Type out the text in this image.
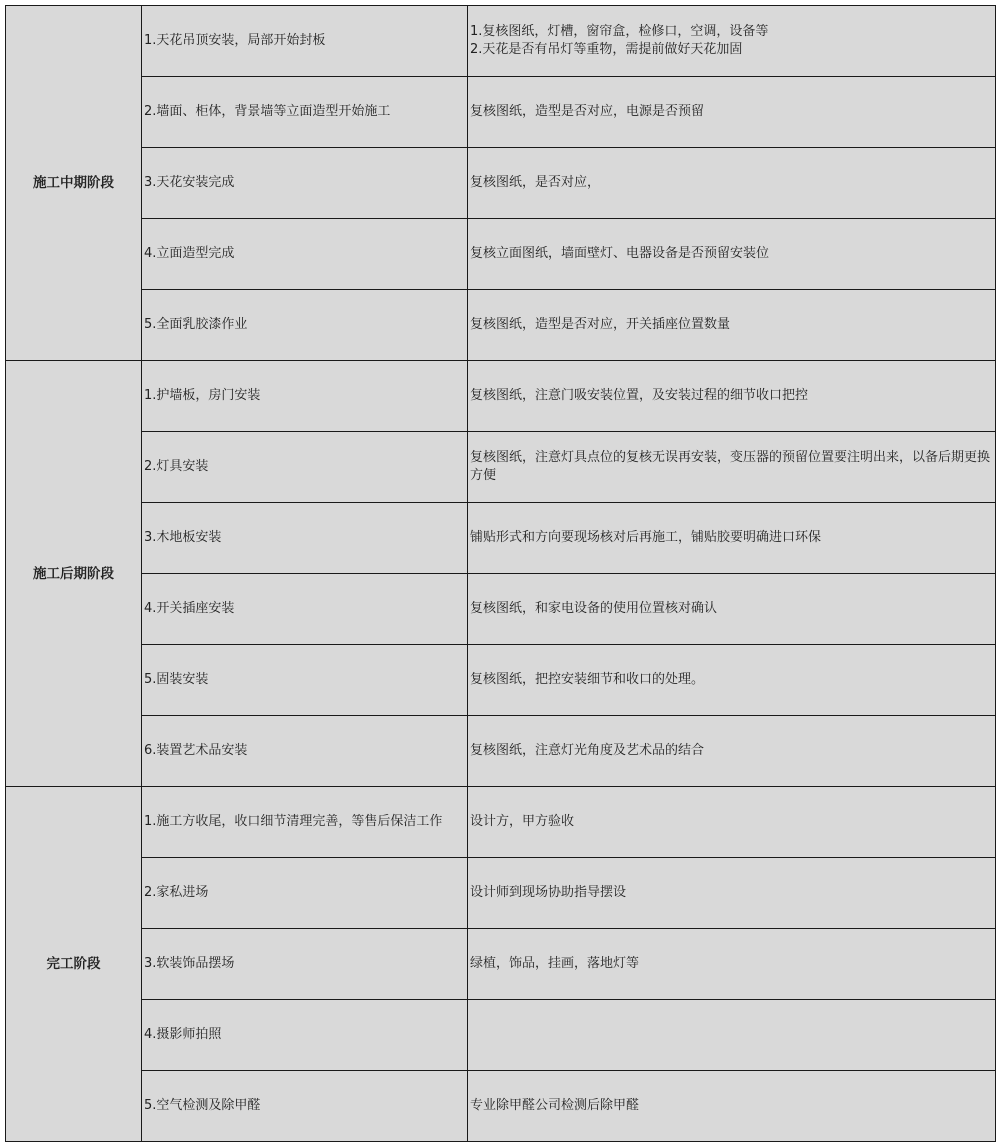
施工中期阶段	1.天花吊顶安装，局部开始封板	1.复核图纸，灯槽，窗帘盒，检修口，空调，设备等
2.天花是否有吊灯等重物，需提前做好天花加固

	2.墙面、柜体，背景墙等立面造型开始施工	复核图纸，造型是否对应，电源是否预留

	3.天花安装完成	复核图纸，是否对应，

	4.立面造型完成	复核立面图纸，墙面壁灯、电器设备是否预留安装位

	5.全面乳胶漆作业	复核图纸，造型是否对应，开关插座位置数量

施工后期阶段	1.护墙板，房门安装	复核图纸，注意门吸安装位置，及安装过程的细节收口把控

	2.灯具安装	复核图纸，注意灯具点位的复核无误再安装，变压器的预留位置要注明出来，以备后期更换方便

	3.木地板安装	铺贴形式和方向要现场核对后再施工，铺贴胶要明确进口环保

	4.开关插座安装	复核图纸，和家电设备的使用位置核对确认

	5.固装安装	复核图纸，把控安装细节和收口的处理。

	6.装置艺术品安装	复核图纸，注意灯光角度及艺术品的结合

完工阶段	1.施工方收尾，收口细节清理完善，等售后保洁工作	设计方，甲方验收

	2.家私进场	设计师到现场协助指导摆设

	3.软装饰品摆场	绿植，饰品，挂画，落地灯等

	4.摄影师拍照	

	5.空气检测及除甲醛	专业除甲醛公司检测后除甲醛
